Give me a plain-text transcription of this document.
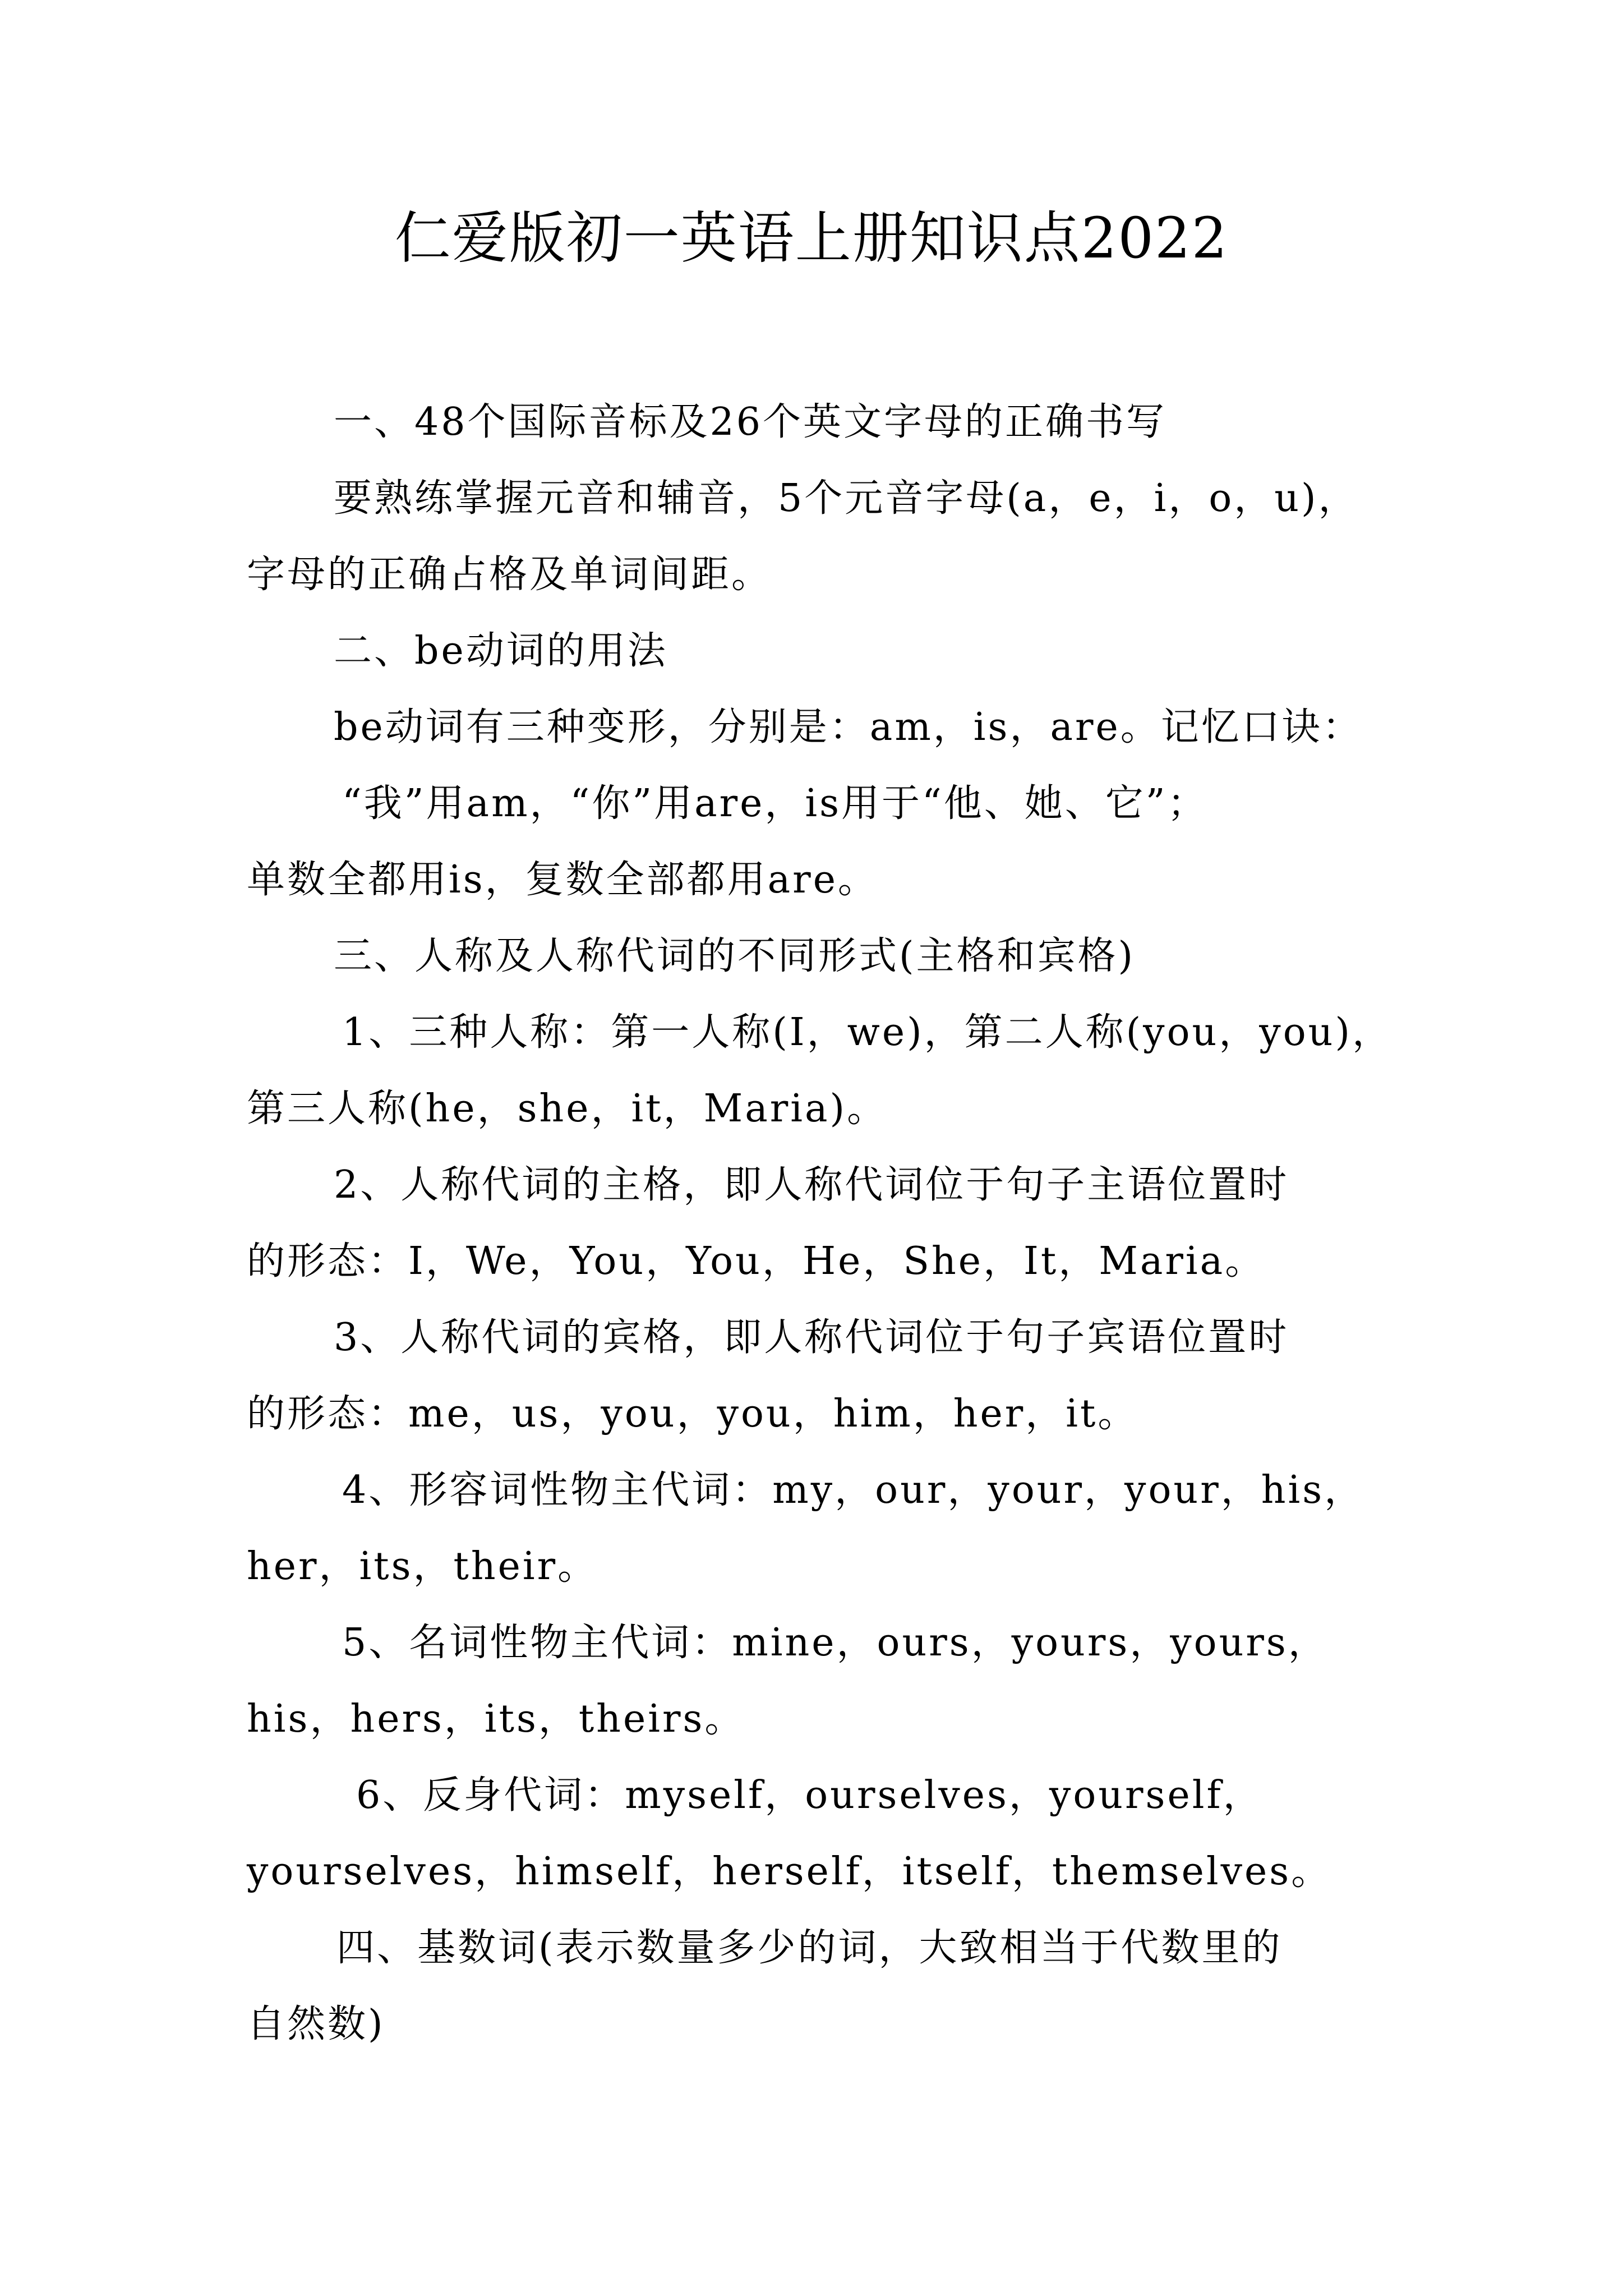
仁爱版初一英语上册知识点2022

一、48个国际音标及26个英文字母的正确书写

要熟练掌握元音和辅音，5个元音字母(a，e，i，o，u)，

字母的正确占格及单词间距。

二、be动词的用法

be动词有三种变形，分别是：am，is，are。记忆口诀：

“我”用am，“你”用are，is用于“他、她、它”；

单数全都用is，复数全部都用are。

三、人称及人称代词的不同形式(主格和宾格)

1、三种人称：第一人称(I，we)，第二人称(you，you)，

第三人称(he，she，it，Maria)。

2、人称代词的主格，即人称代词位于句子主语位置时

的形态：I，We，You，You，He，She，It，Maria。

3、人称代词的宾格，即人称代词位于句子宾语位置时

的形态：me，us，you，you，him，her，it。

4、形容词性物主代词：my，our，your，your，his，

her，its，their。

5、名词性物主代词：mine，ours，yours，yours，

his，hers，its，theirs。

6、反身代词：myself，ourselves，yourself，

yourselves，himself，herself，itself，themselves。

四、基数词(表示数量多少的词，大致相当于代数里的

自然数)
